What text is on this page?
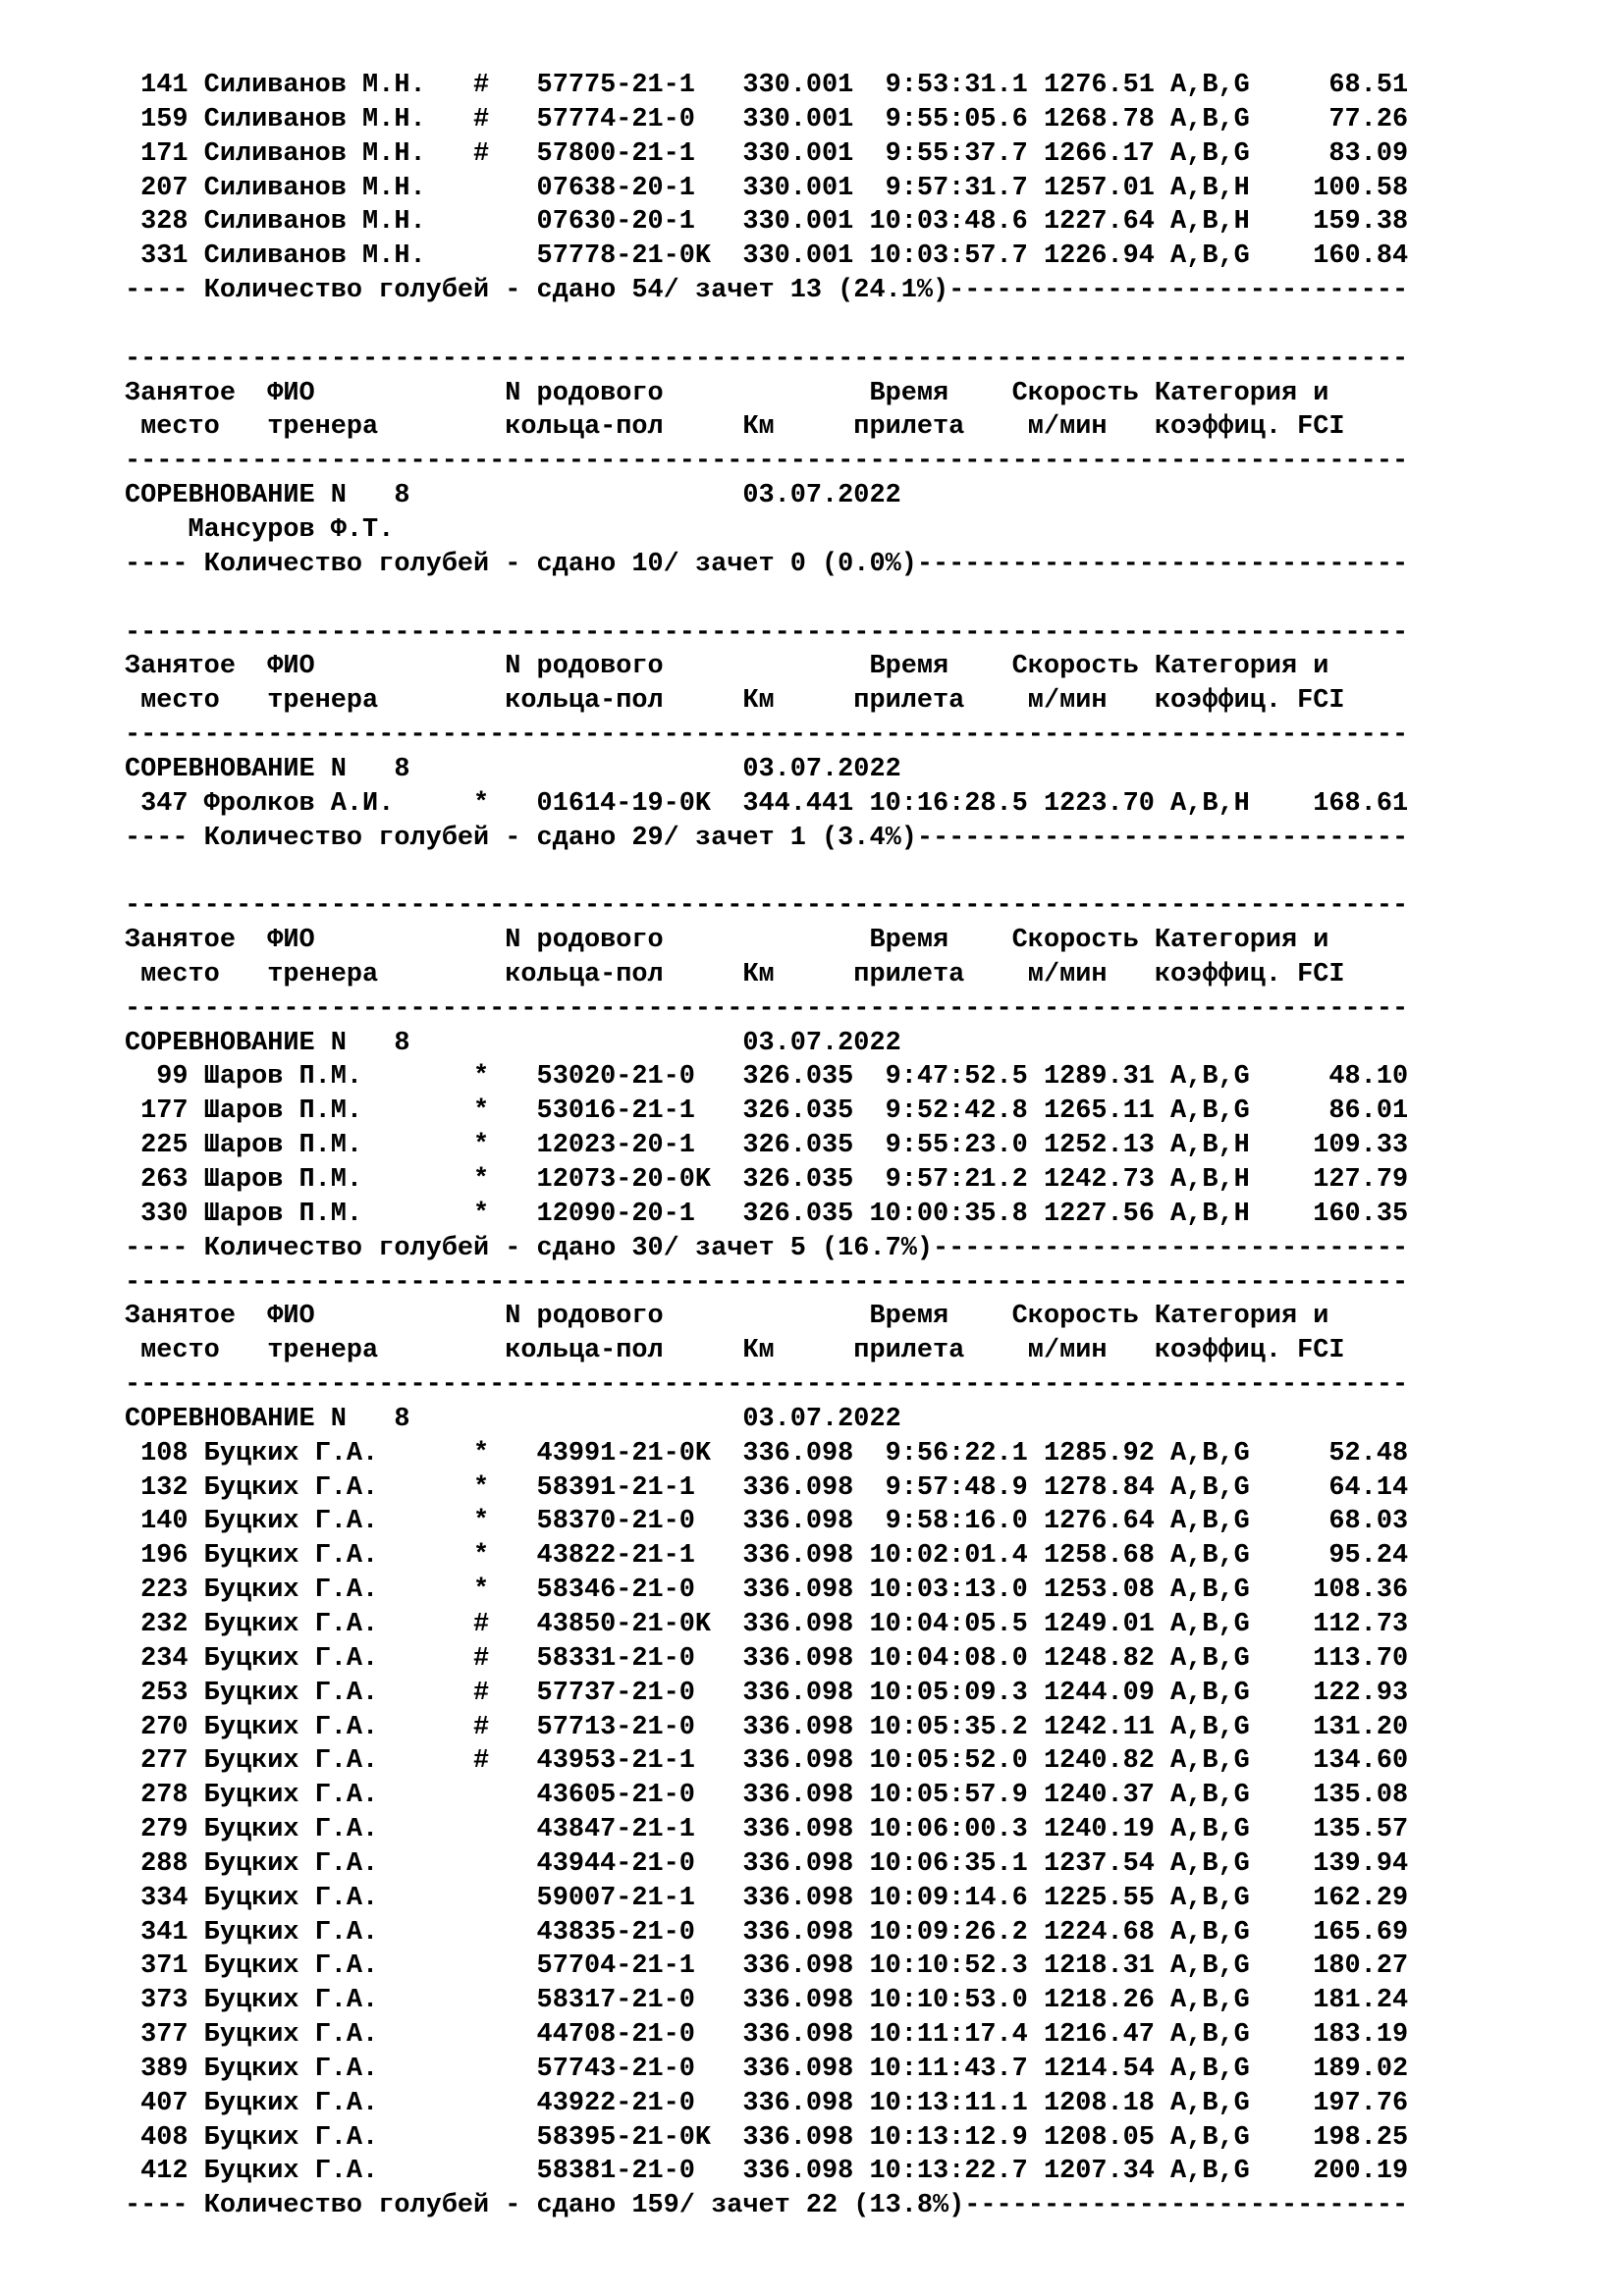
141 Силиванов М.Н.   #   57775-21-1   330.001  9:53:31.1 1276.51 A,B,G     68.51
159 Силиванов М.Н.   #   57774-21-0   330.001  9:55:05.6 1268.78 A,B,G     77.26
171 Силиванов М.Н.   #   57800-21-1   330.001  9:55:37.7 1266.17 A,B,G     83.09
207 Силиванов М.Н.       07638-20-1   330.001  9:57:31.7 1257.01 A,B,H    100.58
328 Силиванов М.Н.       07630-20-1   330.001 10:03:48.6 1227.64 A,B,H    159.38
331 Силиванов М.Н.       57778-21-0K  330.001 10:03:57.7 1226.94 A,B,G    160.84
---- Количество голубей - сдано 54/ зачет 13 (24.1%)-----------------------------
---------------------------------------------------------------------------------
Занятое  ФИО            N родового             Время    Скорость Категория и
место   тренера        кольца-пол     Км     прилета    м/мин   коэффиц. FCI
---------------------------------------------------------------------------------
СОРЕВНОВАНИЕ N   8                     03.07.2022
Мансуров Ф.Т.
---- Количество голубей - сдано 10/ зачет 0 (0.0%)-------------------------------
---------------------------------------------------------------------------------
Занятое  ФИО            N родового             Время    Скорость Категория и
место   тренера        кольца-пол     Км     прилета    м/мин   коэффиц. FCI
---------------------------------------------------------------------------------
СОРЕВНОВАНИЕ N   8                     03.07.2022
347 Фролков А.И.     *   01614-19-0K  344.441 10:16:28.5 1223.70 A,B,H    168.61
---- Количество голубей - сдано 29/ зачет 1 (3.4%)-------------------------------
---------------------------------------------------------------------------------
Занятое  ФИО            N родового             Время    Скорость Категория и
место   тренера        кольца-пол     Км     прилета    м/мин   коэффиц. FCI
---------------------------------------------------------------------------------
СОРЕВНОВАНИЕ N   8                     03.07.2022
99 Шаров П.М.       *   53020-21-0   326.035  9:47:52.5 1289.31 A,B,G     48.10
177 Шаров П.М.       *   53016-21-1   326.035  9:52:42.8 1265.11 A,B,G     86.01
225 Шаров П.М.       *   12023-20-1   326.035  9:55:23.0 1252.13 A,B,H    109.33
263 Шаров П.М.       *   12073-20-0K  326.035  9:57:21.2 1242.73 A,B,H    127.79
330 Шаров П.М.       *   12090-20-1   326.035 10:00:35.8 1227.56 A,B,H    160.35
---- Количество голубей - сдано 30/ зачет 5 (16.7%)------------------------------
---------------------------------------------------------------------------------
Занятое  ФИО            N родового             Время    Скорость Категория и
место   тренера        кольца-пол     Км     прилета    м/мин   коэффиц. FCI
---------------------------------------------------------------------------------
СОРЕВНОВАНИЕ N   8                     03.07.2022
108 Буцких Г.А.      *   43991-21-0K  336.098  9:56:22.1 1285.92 A,B,G     52.48
132 Буцких Г.А.      *   58391-21-1   336.098  9:57:48.9 1278.84 A,B,G     64.14
140 Буцких Г.А.      *   58370-21-0   336.098  9:58:16.0 1276.64 A,B,G     68.03
196 Буцких Г.А.      *   43822-21-1   336.098 10:02:01.4 1258.68 A,B,G     95.24
223 Буцких Г.А.      *   58346-21-0   336.098 10:03:13.0 1253.08 A,B,G    108.36
232 Буцких Г.А.      #   43850-21-0K  336.098 10:04:05.5 1249.01 A,B,G    112.73
234 Буцких Г.А.      #   58331-21-0   336.098 10:04:08.0 1248.82 A,B,G    113.70
253 Буцких Г.А.      #   57737-21-0   336.098 10:05:09.3 1244.09 A,B,G    122.93
270 Буцких Г.А.      #   57713-21-0   336.098 10:05:35.2 1242.11 A,B,G    131.20
277 Буцких Г.А.      #   43953-21-1   336.098 10:05:52.0 1240.82 A,B,G    134.60
278 Буцких Г.А.          43605-21-0   336.098 10:05:57.9 1240.37 A,B,G    135.08
279 Буцких Г.А.          43847-21-1   336.098 10:06:00.3 1240.19 A,B,G    135.57
288 Буцких Г.А.          43944-21-0   336.098 10:06:35.1 1237.54 A,B,G    139.94
334 Буцких Г.А.          59007-21-1   336.098 10:09:14.6 1225.55 A,B,G    162.29
341 Буцких Г.А.          43835-21-0   336.098 10:09:26.2 1224.68 A,B,G    165.69
371 Буцких Г.А.          57704-21-1   336.098 10:10:52.3 1218.31 A,B,G    180.27
373 Буцких Г.А.          58317-21-0   336.098 10:10:53.0 1218.26 A,B,G    181.24
377 Буцких Г.А.          44708-21-0   336.098 10:11:17.4 1216.47 A,B,G    183.19
389 Буцких Г.А.          57743-21-0   336.098 10:11:43.7 1214.54 A,B,G    189.02
407 Буцких Г.А.          43922-21-0   336.098 10:13:11.1 1208.18 A,B,G    197.76
408 Буцких Г.А.          58395-21-0K  336.098 10:13:12.9 1208.05 A,B,G    198.25
412 Буцких Г.А.          58381-21-0   336.098 10:13:22.7 1207.34 A,B,G    200.19
---- Количество голубей - сдано 159/ зачет 22 (13.8%)----------------------------
